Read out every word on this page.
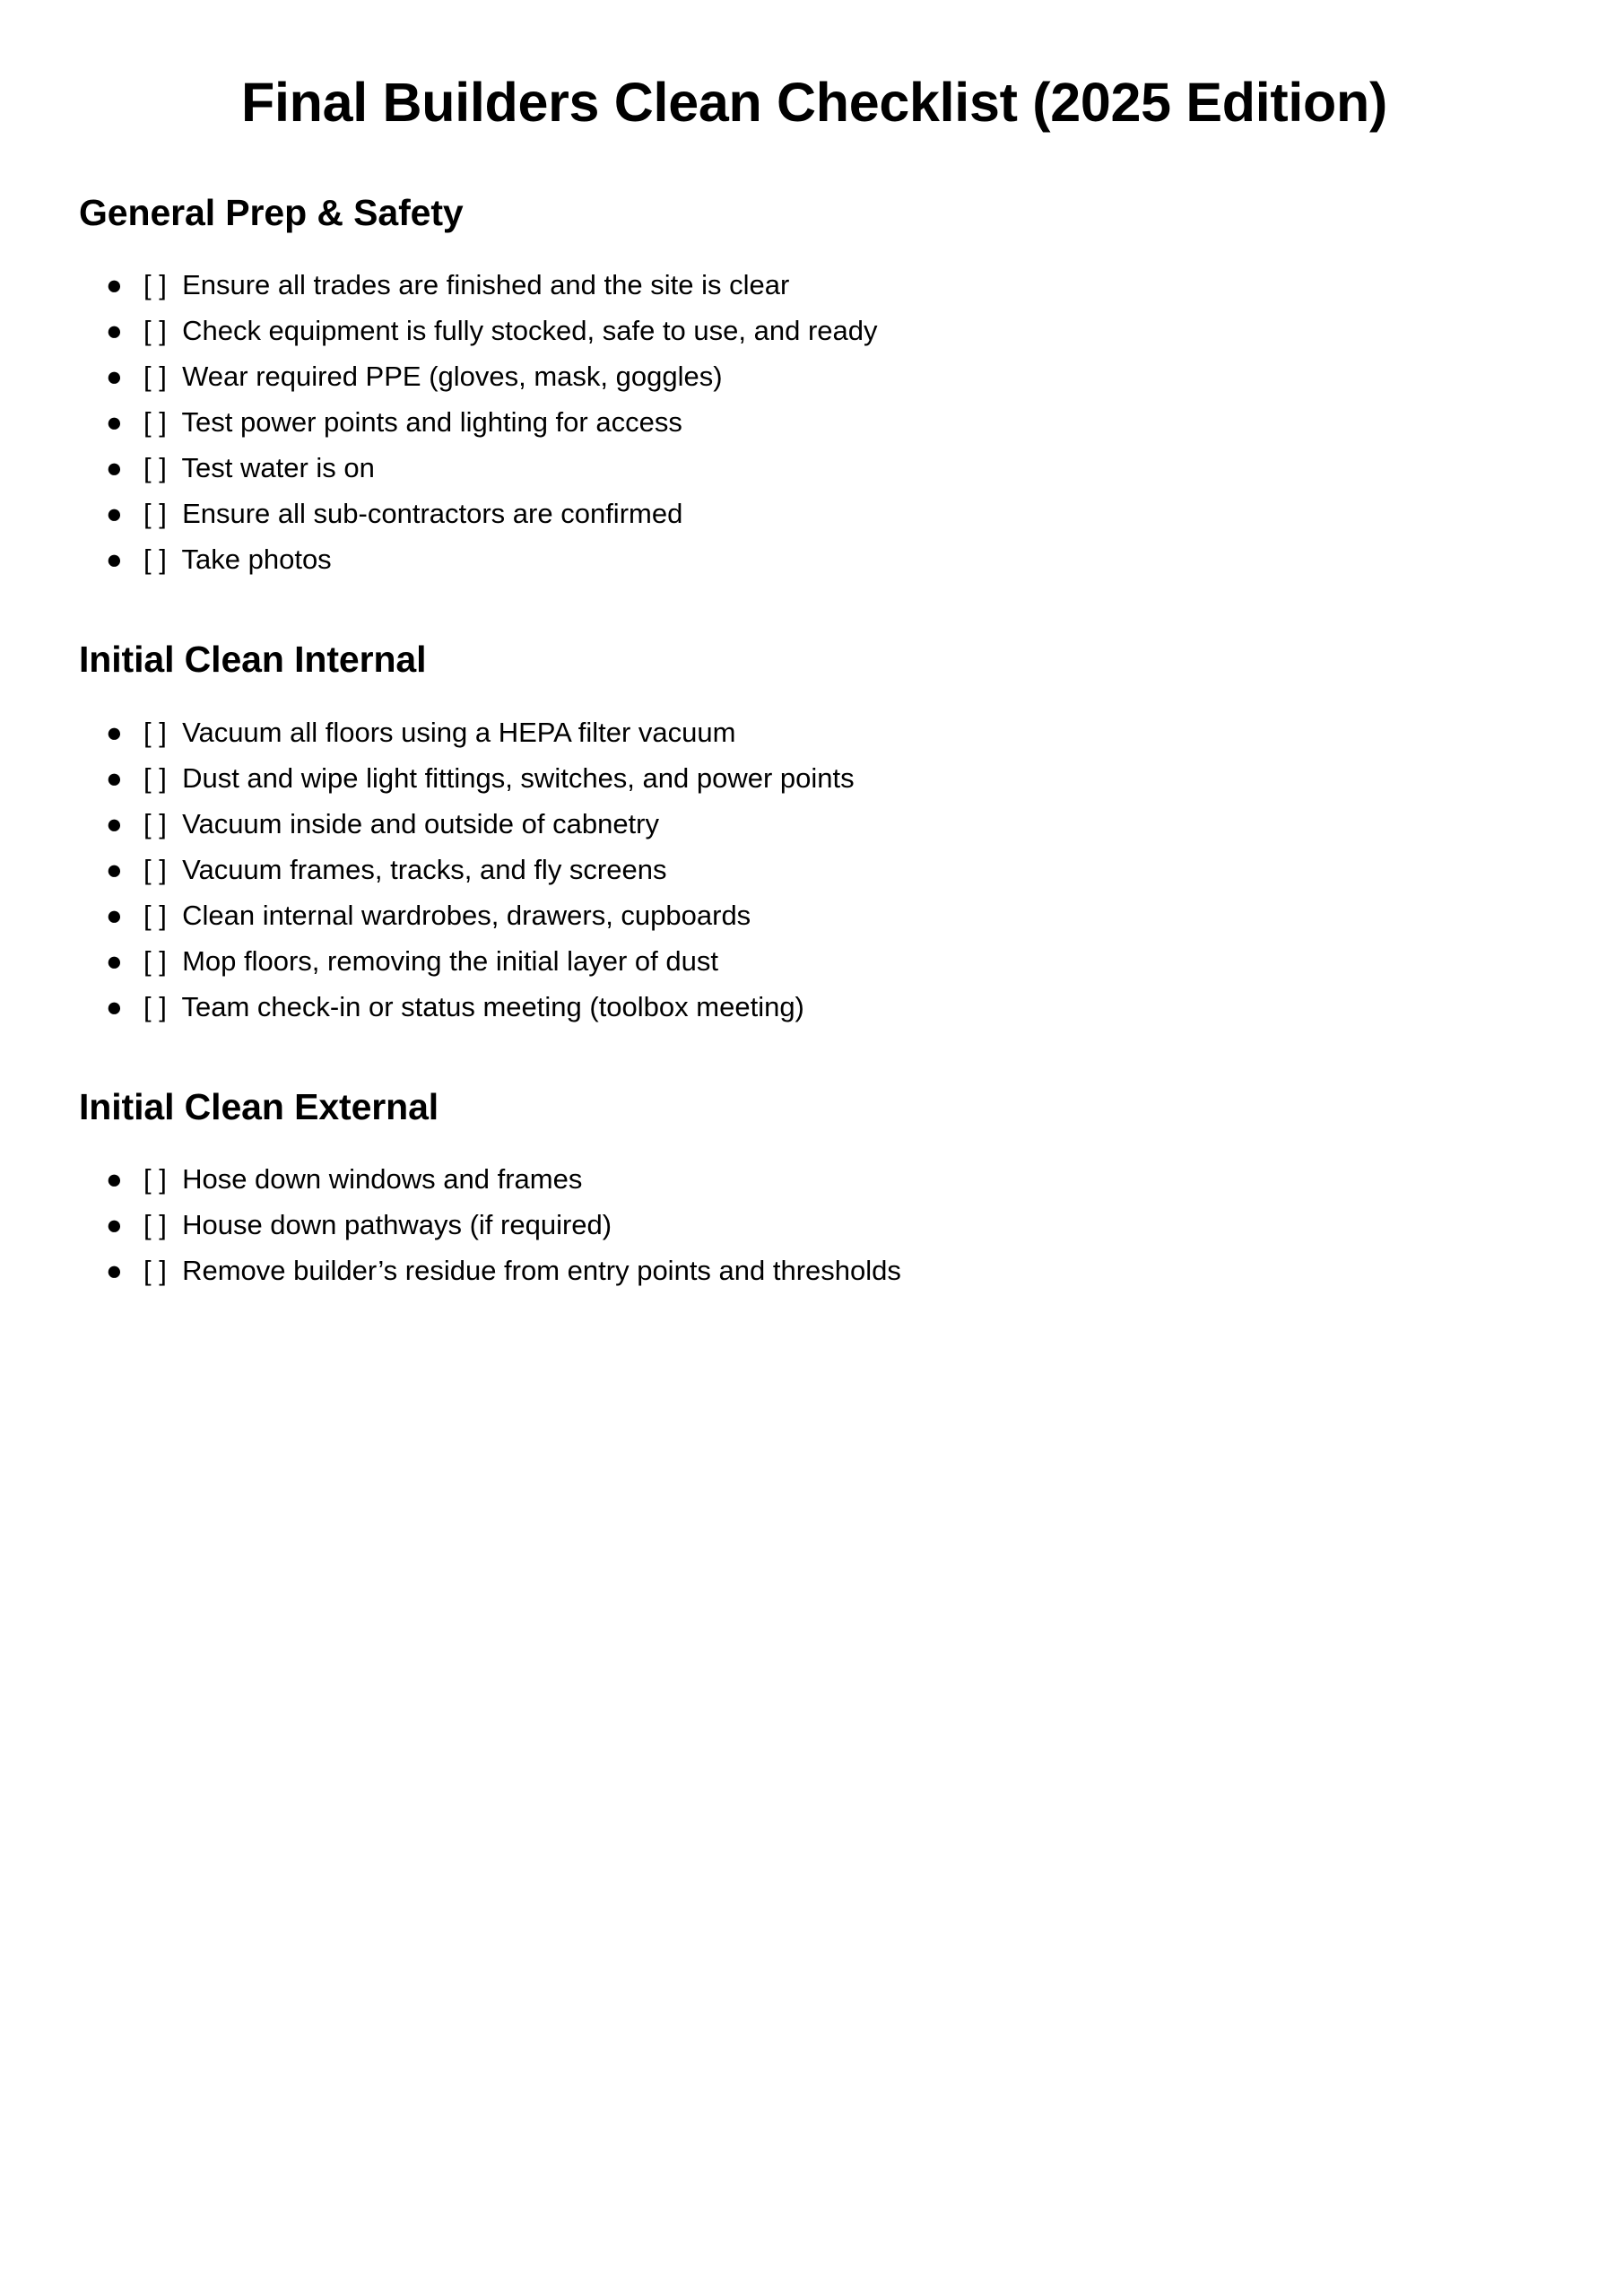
Final Builders Clean Checklist (2025 Edition)
General Prep & Safety
● [ ]  Ensure all trades are finished and the site is clear
● [ ]  Check equipment is fully stocked, safe to use, and ready
● [ ]  Wear required PPE (gloves, mask, goggles)
● [ ]  Test power points and lighting for access
● [ ]  Test water is on
● [ ]  Ensure all sub-contractors are confirmed
● [ ]  Take photos
Initial Clean Internal
● [ ]  Vacuum all floors using a HEPA filter vacuum
● [ ]  Dust and wipe light fittings, switches, and power points
● [ ]  Vacuum inside and outside of cabnetry
● [ ]  Vacuum frames, tracks, and fly screens
● [ ]  Clean internal wardrobes, drawers, cupboards
● [ ]  Mop floors, removing the initial layer of dust
● [ ]  Team check-in or status meeting (toolbox meeting)
Initial Clean External
● [ ]  Hose down windows and frames
● [ ]  House down pathways (if required)
● [ ]  Remove builder’s residue from entry points and thresholds
